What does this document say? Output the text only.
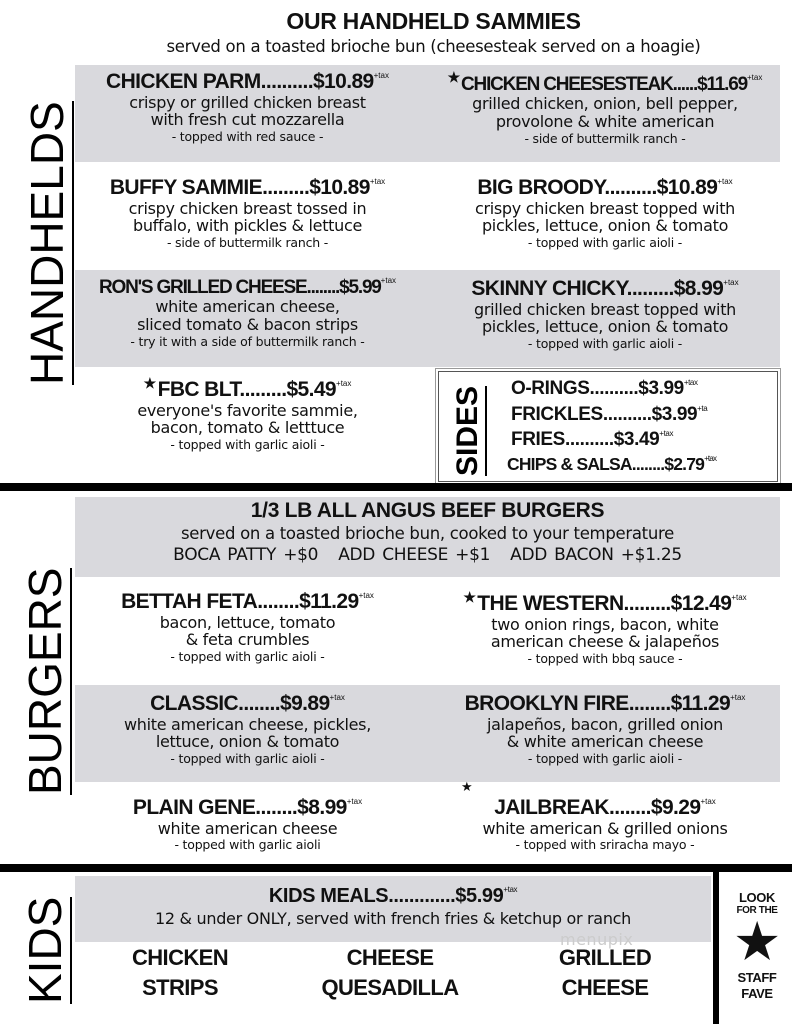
OUR HANDHELD SAMMIES
served on a toasted brioche bun (cheesesteak served on a hoagie)
HANDHELDS
CHICKEN $PARM..........\$10.89^{+tax}$
crispy or grilled chicken breast
with fresh cut mozzarella
- topped with red sauce -
★ CHICKEN $CHEESESTEAK......\$11.69^{+tax}$
grilled chicken, onion, bell pepper,
provolone & white american
- side of buttermilk ranch -
BUFFY $SAMMIE.........\$10.89^{+tax}$
crispy chicken breast tossed in
buffalo, with pickles & lettuce
- side of buttermilk ranch -
BIG $BROODY..........\$10.89^{+tax}$
crispy chicken breast topped with
pickles, lettuce, onion & tomato
- topped with garlic aioli -
RON'S GRILLED $CHEESE........\$5.99^{+tax}$
white american cheese,
sliced tomato & bacon strips
- try it with a side of buttermilk ranch -
SKINNY $CHICKY.........\$8.99^{+tax}$
grilled chicken breast topped with
pickles, lettuce, onion & tomato
- topped with garlic aioli -
★FBC $BLT.........\$5.49^{+tax}$
everyone's favorite sammie,
bacon, tomato & letttuce
- topped with garlic aioli -	SIDES $O-RINGS..........\$3.99^{+tax}$
$FRICKLES..........\$3.99^{+ta}$
$FRIES..........\$3.49^{+tax}$
CHIPS & $SALSA........\$2.79^{+tax}$
BURGERS
1/3 LB ALL ANGUS BEEF BURGERS
served on a toasted brioche bun, cooked to your temperature
BOCA PATTY +$0 ADD CHEESE +$1 ADD BACON +$1.25
BETTAH $FETA........\$11.29^{+tax}$
bacon, lettuce, tomato
& feta crumbles
- topped with garlic aioli -
★THE $WESTERN.........\$12.49^{+tax}$
two onion rings, bacon, white
american cheese & jalapeños
- topped with bbq sauce -
$CLASSIC........\$9.89^{+tax}$
white american cheese, pickles,
lettuce, onion & tomato
- topped with garlic aioli -
BROOKLYN $FIRE........\$11.29^{+tax}$
jalapeños, bacon, grilled onion
& white american cheese
- topped with garlic aioli -
PLAIN $GENE........\$8.99^{+tax}$
white american cheese
- topped with garlic aioli
★
$JAILBREAK........\$9.29^{+tax}$
white american & grilled onions
- topped with sriracha mayo -
KIDS
KIDS $MEALS.............\$5.99^{+tax}$
12 & under ONLY, served with french fries & ketchup or ranch
menupix
CHICKEN
STRIPS
CHEESE
QUESADILLA
GRILLED
CHEESE
LOOK
FOR THE
★
STAFF
FAVE
